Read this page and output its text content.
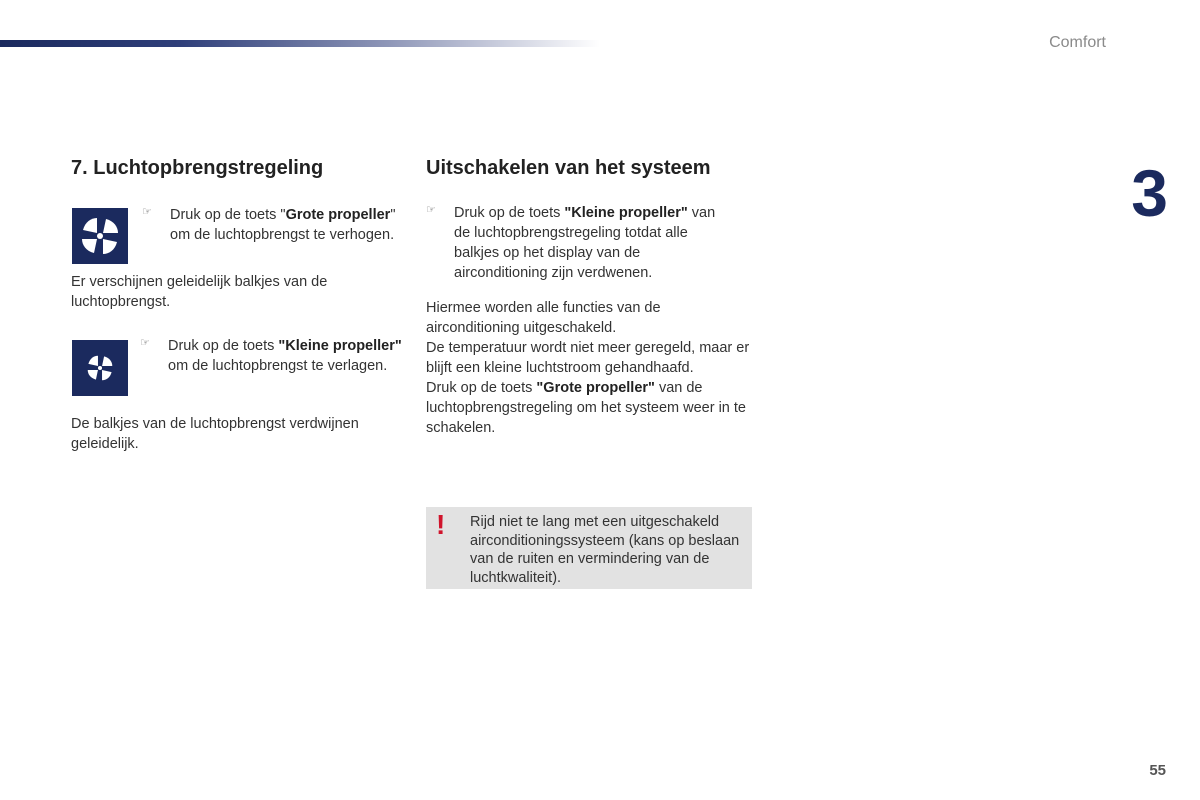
Comfort
3
55
7. Luchtopbrengstregeling
☞ Druk op de toets "Grote propeller" om de luchtopbrengst te verhogen.

Er verschijnen geleidelijk balkjes van de luchtopbrengst.

☞ Druk op de toets "Kleine propeller" om de luchtopbrengst te verlagen.

De balkjes van de luchtopbrengst verdwijnen geleidelijk.

Uitschakelen van het systeem
☞ Druk op de toets "Kleine propeller" van de luchtopbrengstregeling totdat alle balkjes op het display van de airconditioning zijn verdwenen.
Hiermee worden alle functies van de airconditioning uitgeschakeld.
De temperatuur wordt niet meer geregeld, maar er blijft een kleine luchtstroom gehandhaafd.
Druk op de toets "Grote propeller" van de luchtopbrengstregeling om het systeem weer in te schakelen.
! Rijd niet te lang met een uitgeschakeld airconditioningssysteem (kans op beslaan van de ruiten en vermindering van de luchtkwaliteit).
